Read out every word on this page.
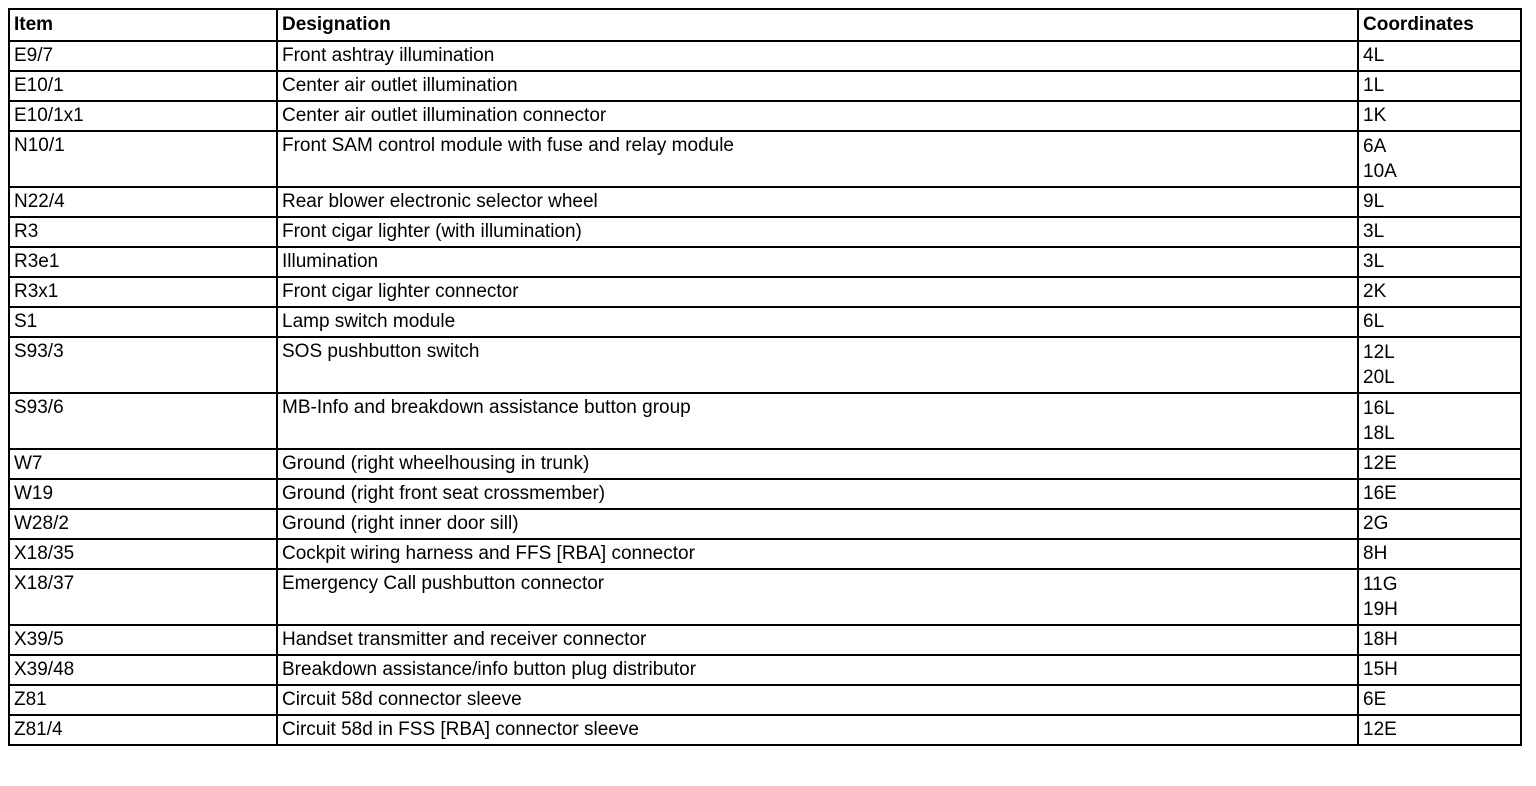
Item	Designation	Coordinates
E9/7	Front ashtray illumination	4L
E10/1	Center air outlet illumination	1L
E10/1x1	Center air outlet illumination connector	1K
N10/1	Front SAM control module with fuse and relay module	6A
10A

N22/4	Rear blower electronic selector wheel	9L
R3	Front cigar lighter (with illumination)	3L
R3e1	Illumination	3L
R3x1	Front cigar lighter connector	2K
S1	Lamp switch module	6L
S93/3	SOS pushbutton switch	12L
20L

S93/6	MB-Info and breakdown assistance button group	16L
18L

W7	Ground (right wheelhousing in trunk)	12E
W19	Ground (right front seat crossmember)	16E
W28/2	Ground (right inner door sill)	2G
X18/35	Cockpit wiring harness and FFS [RBA] connector	8H
X18/37	Emergency Call pushbutton connector	11G
19H

X39/5	Handset transmitter and receiver connector	18H
X39/48	Breakdown assistance/info button plug distributor	15H
Z81	Circuit 58d connector sleeve	6E
Z81/4	Circuit 58d in FSS [RBA] connector sleeve	12E
